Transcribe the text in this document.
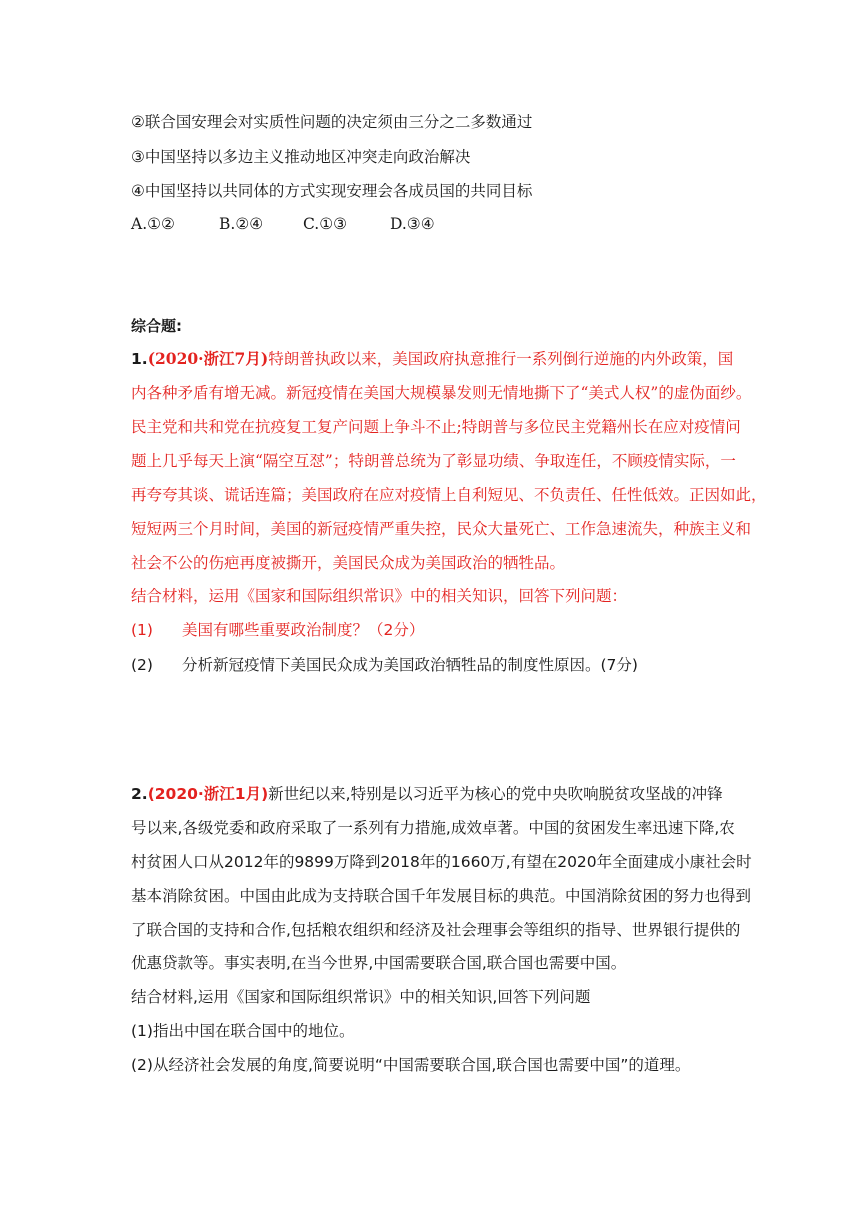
②联合国安理会对实质性问题的决定须由三分之二多数通过
③中国坚持以多边主义推动地区冲突走向政治解决
④中国坚持以共同体的方式实现安理会各成员国的共同目标
A.①②	B.②④	C.①③	D.③④
综合题:
1.(2020·浙江7月)特朗普执政以来，美国政府执意推行一系列倒行逆施的内外政策，国
内各种矛盾有增无减。新冠疫情在美国大规模暴发则无情地撕下了“美式人权”的虚伪面纱。
民主党和共和党在抗疫复工复产问题上争斗不止;特朗普与多位民主党籍州长在应对疫情问
题上几乎每天上演“隔空互怼”；特朗普总统为了彰显功绩、争取连任，不顾疫情实际，一
再夸夸其谈、谎话连篇；美国政府在应对疫情上自利短见、不负责任、任性低效。正因如此，
短短两三个月时间，美国的新冠疫情严重失控，民众大量死亡、工作急速流失，种族主义和
社会不公的伤疤再度被撕开，美国民众成为美国政治的牺牲品。
结合材料，运用《国家和国际组织常识》中的相关知识，回答下列问题：
(1) 美国有哪些重要政治制度？（2分）
(2) 分析新冠疫情下美国民众成为美国政治牺牲品的制度性原因。(7分)
2.(2020·浙江1月)新世纪以来,特别是以习近平为核心的党中央吹响脱贫攻坚战的冲锋
号以来,各级党委和政府采取了一系列有力措施,成效卓著。中国的贫困发生率迅速下降,农
村贫困人口从2012年的9899万降到2018年的1660万,有望在2020年全面建成小康社会时
基本消除贫困。中国由此成为支持联合国千年发展目标的典范。中国消除贫困的努力也得到
了联合国的支持和合作,包括粮农组织和经济及社会理事会等组织的指导、世界银行提供的
优惠贷款等。事实表明,在当今世界,中国需要联合国,联合国也需要中国。
结合材料,运用《国家和国际组织常识》中的相关知识,回答下列问题
(1)指出中国在联合国中的地位。
(2)从经济社会发展的角度,简要说明“中国需要联合国,联合国也需要中国”的道理。
